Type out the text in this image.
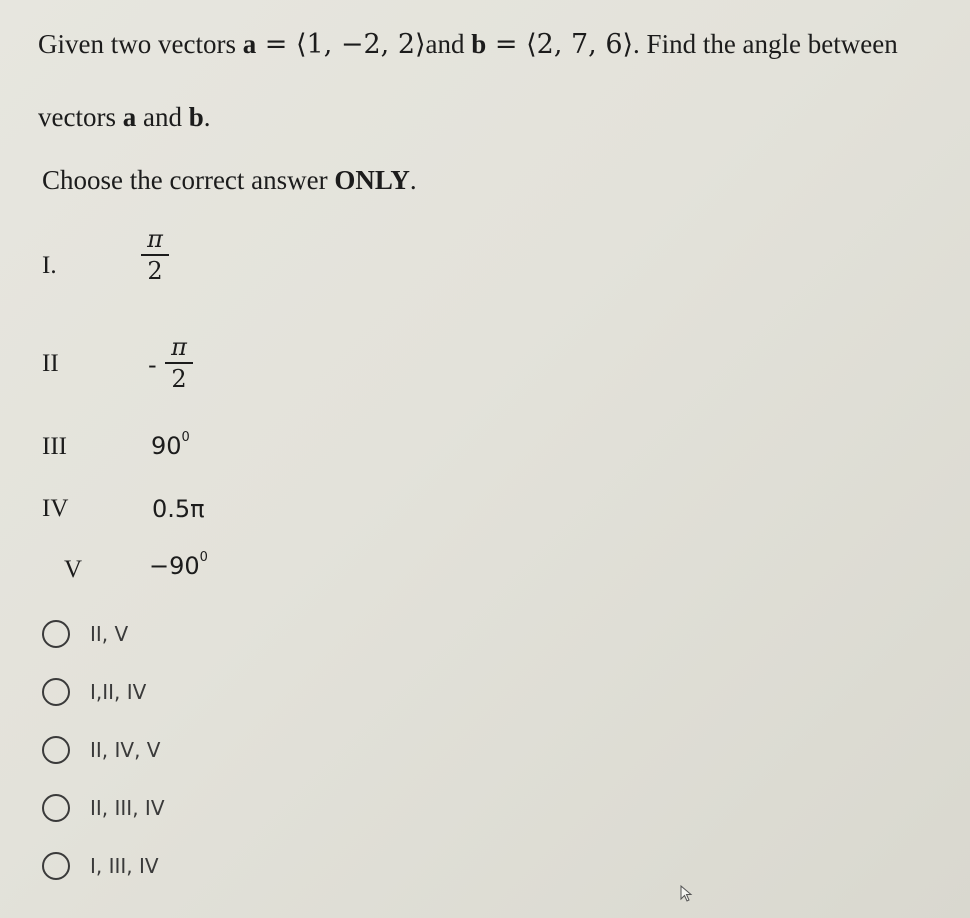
Given two vectors a = ⟨1, −2, 2⟩and b = ⟨2, 7, 6⟩. Find the angle between
vectors a and b.
Choose the correct answer ONLY.
I.
π
2
II	-
π
2
III	$90^0$
IV	0.5π
V	$-90^0$
II, V
I,II, IV
II, IV, V
II, III, IV
I, III, IV
